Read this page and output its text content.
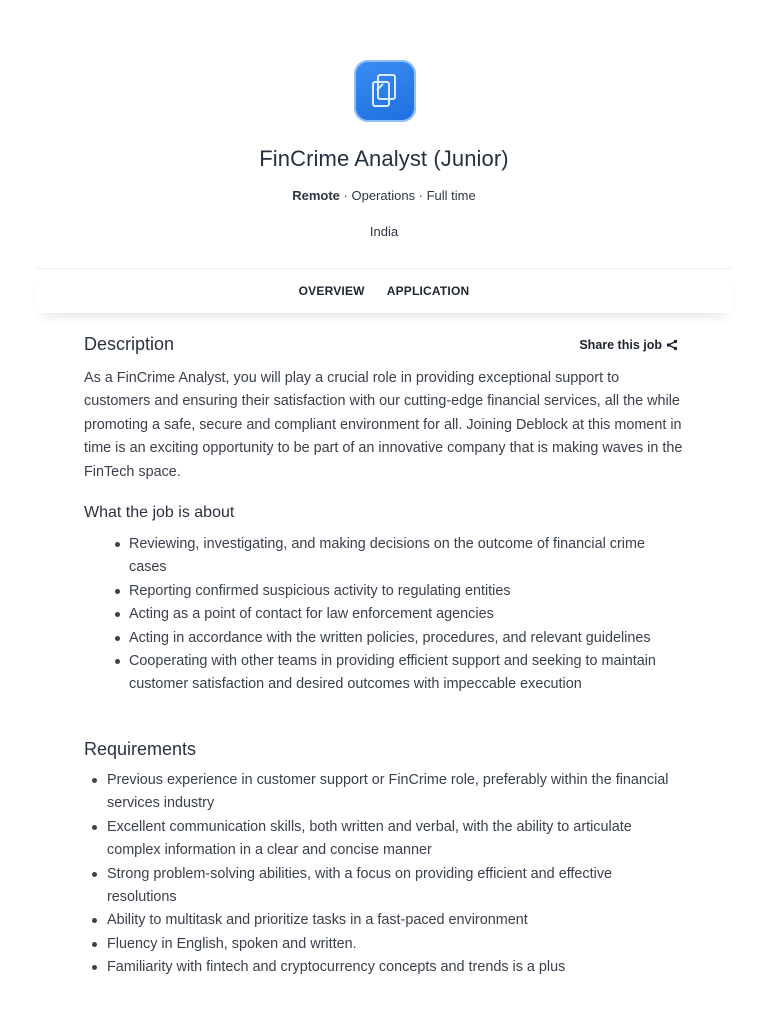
FinCrime Analyst (Junior)
Remote · Operations · Full time
India
OVERVIEW APPLICATION
Description	Share this job

As a FinCrime Analyst, you will play a crucial role in providing exceptional support to customers and ensuring their satisfaction with our cutting-edge financial services, all the while promoting a safe, secure and compliant environment for all. Joining Deblock at this moment in time is an exciting opportunity to be part of an innovative company that is making waves in the FinTech space.

What the job is about
Reviewing, investigating, and making decisions on the outcome of financial crime cases
Reporting confirmed suspicious activity to regulating entities
Acting as a point of contact for law enforcement agencies
Acting in accordance with the written policies, procedures, and relevant guidelines
Cooperating with other teams in providing efficient support and seeking to maintain customer satisfaction and desired outcomes with impeccable execution
Requirements
Previous experience in customer support or FinCrime role, preferably within the financial services industry
Excellent communication skills, both written and verbal, with the ability to articulate complex information in a clear and concise manner
Strong problem-solving abilities, with a focus on providing efficient and effective resolutions
Ability to multitask and prioritize tasks in a fast-paced environment
Fluency in English, spoken and written.
Familiarity with fintech and cryptocurrency concepts and trends is a plus
